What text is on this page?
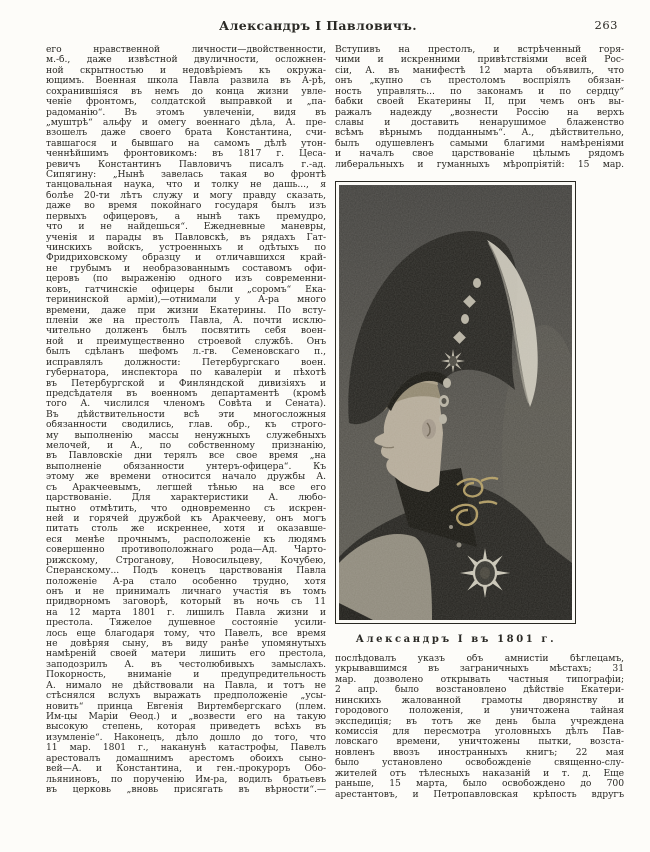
Александръ I Павловичъ.	263
его нравственной личности—двойственности,
м.-б., даже извѣстной двуличности, осложнен-
ной скрытностью и недовѣріемъ къ окружа-
ющимъ. Военная школа Павла развила въ А-рѣ,
сохранившіяся въ немъ до конца жизни увле-
ченіе фронтомъ, солдатской выправкой и „па-
радоманію“. Въ этомъ увлеченіи, видя въ
„муштрѣ“ альфу и омегу военнаго дѣла, А. пре-
взошелъ даже своего брата Константина, счи-
тавшагося и бывшаго на самомъ дѣлѣ утон-
ченнѣйшимъ фронтовикомъ: въ 1817 г. Цеса-
ревичъ Константинъ Павловичъ писалъ г.-ад.
Сипягину: „Нынѣ завелась такая во фронтѣ
танцовальная наука, что и толку не дашь..., я
болѣе 20-ти лѣтъ служу и могу правду сказать,
даже во время покойнаго государя былъ изъ
первыхъ офицеровъ, а нынѣ такъ премудро,
что и не найдешься“. Ежедневные маневры,
ученія и парады въ Павловскѣ, въ рядахъ Гат-
чинскихъ войскъ, устроенныхъ и одѣтыхъ по
Фридриховскому образцу и отличавшихся край-
не грубымъ и необразованнымъ составомъ офи-
церовъ (по выраженію одного изъ современни-
ковъ, гатчинскіе офицеры были „соромъ“ Ека-
терининской арміи),—отнимали у А-ра много
времени, даже при жизни Екатерины. По всту-
пленіи же на престолъ Павла, А. почти исклю-
чительно долженъ былъ посвятить себя воен-
ной и преимущественно строевой службѣ. Онъ
былъ сдѣланъ шефомъ л.-гв. Семеновскаго п.,
исправлялъ должности: Петербургскаго воен.
губернатора, инспектора по кавалеріи и пѣхотѣ
въ Петербургской и Финляндской дивизіяхъ и
предсѣдателя въ военномъ департаментѣ (кромѣ
того А. числился членомъ Совѣта и Сената).
Въ дѣйствительности всѣ эти многосложныя
обязанности сводились, глав. обр., къ строго-
му выполненію массы ненужныхъ служебныхъ
мелочей, и А., по собственному признанію,
въ Павловскіе дни терялъ все свое время „на
выполненіе обязанности унтеръ-офицера“. Къ
этому же времени относится начало дружбы А.
съ Аракчеевымъ, легшей тѣнью на все его
царствованіе. Для характеристики А. любо-
пытно отмѣтить, что одновременно съ искрен-
ней и горячей дружбой къ Аракчееву, онъ могъ
питать столь же искреннее, хотя и оказавше-
еся менѣе прочнымъ, расположеніе къ людямъ
совершенно противоположнаго рода—Ад. Чарто-
рижскому, Строганову, Новосильцеву, Кочубею,
Сперанскому... Подъ конецъ царствованія Павла
положеніе А-ра стало особенно трудно, хотя
онъ и не принималъ личнаго участія въ томъ
придворномъ заговорѣ, который въ ночь съ 11
на 12 марта 1801 г. лишилъ Павла жизни и
престола. Тяжелое душевное состояніе усили-
лось еще благодаря тому, что Павелъ, все время
не довѣряя сыну, въ виду ранѣе упомянутыхъ
намѣреній своей матери лишить его престола,
заподозрилъ А. въ честолюбивыхъ замыслахъ.
Покорность, вниманіе и предупредительность
А. нимало не дѣйствовали на Павла, и тотъ не
стѣснялся вслухъ выражать предположеніе „усы-
новить“ принца Евгенія Виртембергскаго (плем.
Им-цы Маріи Ѳеод.) и „возвести его на такую
высокую степень, которая приведетъ всѣхъ въ
изумленіе“. Наконецъ, дѣло дошло до того, что
11 мар. 1801 г., наканунѣ катастрофы, Павелъ
арестовалъ домашнимъ арестомъ обоихъ сыно-
вей—А. и Константина, и ген.-прокуроръ Обо-
льяниновъ, по порученію Им-ра, водилъ братьевъ
въ церковь „вновь присягать въ вѣрности“.—
Вступивъ на престолъ, и встрѣченный горя-
чими и искренними привѣтствіями всей Рос-
сіи, А. въ манифестѣ 12 марта объявилъ, что
онъ „купно съ престоломъ воспріялъ обязан-
ность управлять... по законамъ и по сердцу“
бабки своей Екатерины II, при чемъ онъ вы-
ражалъ надежду „вознести Россію на верхъ
славы и доставить ненарушимое блаженство
всѣмъ вѣрнымъ подданнымъ“. А., дѣйствительно,
былъ одушевленъ самыми благими намѣреніями
и началъ свое царствованіе цѣлымъ рядомъ
либеральныхъ и гуманныхъ мѣропріятій: 15 мар.
Александръ I въ 1801 г.
послѣдовалъ указъ объ амнистіи бѣглецамъ,
укрывавшимся въ заграничныхъ мѣстахъ; 31
мар. дозволено открывать частныя типографіи;
2 апр. было возстановлено дѣйствіе Екатери-
нинскихъ жалованной грамоты дворянству и
городового положенія, и уничтожена тайная
экспедиція; въ тотъ же день была учреждена
комиссія для пересмотра уголовныхъ дѣлъ Пав-
ловскаго времени, уничтожены пытки, возста-
новленъ ввозъ иностранныхъ книгъ; 22 мая
было установлено освобожденіе священно-слу-
жителей отъ тѣлесныхъ наказаній и т. д. Еще
раньше, 15 марта, было освобождено до 700
арестантовъ, и Петропавловская крѣпость вдругъ
